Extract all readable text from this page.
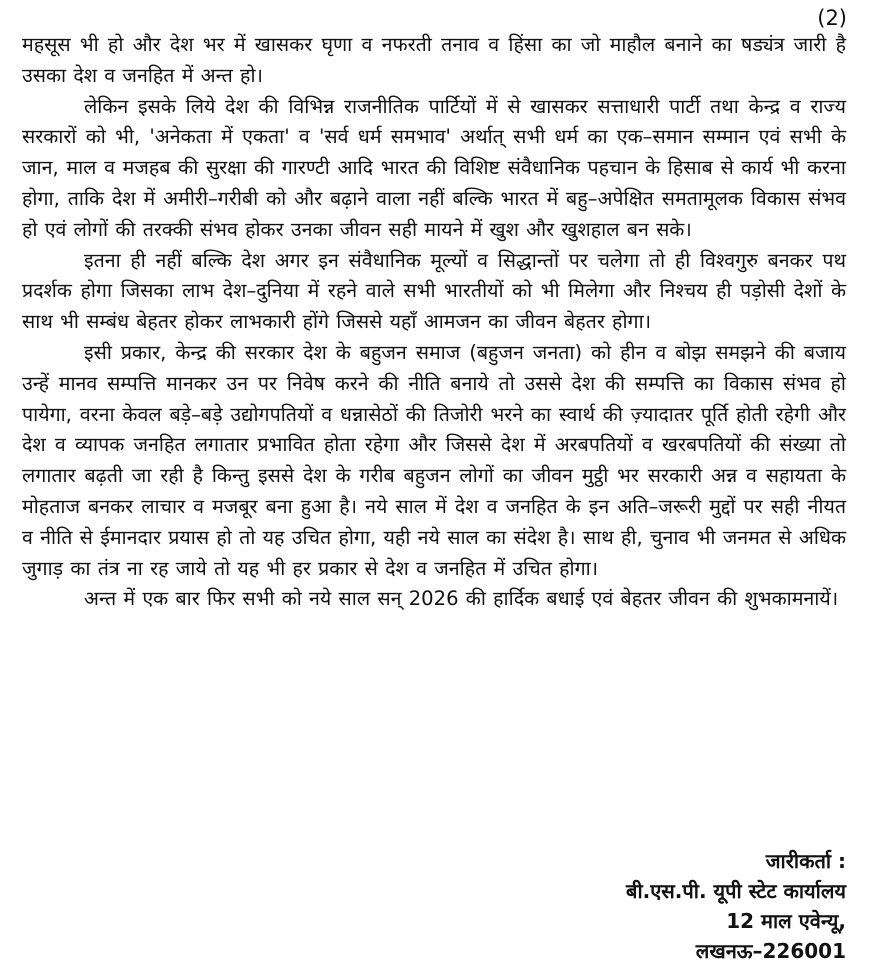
(2)

महसूस भी हो और देश भर में खासकर घृणा व नफरती तनाव व हिंसा का जो माहौल बनाने का षड्यंत्र जारी है उसका देश व जनहित में अन्त हो।

लेकिन इसके लिये देश की विभिन्न राजनीतिक पार्टियों में से खासकर सत्ताधारी पार्टी तथा केन्द्र व राज्य सरकारों को भी, 'अनेकता में एकता' व 'सर्व धर्म समभाव' अर्थात् सभी धर्म का एक–समान सम्मान एवं सभी के जान, माल व मजहब की सुरक्षा की गारण्टी आदि भारत की विशिष्ट संवैधानिक पहचान के हिसाब से कार्य भी करना होगा, ताकि देश में अमीरी–गरीबी को और बढ़ाने वाला नहीं बल्कि भारत में बहु–अपेक्षित समतामूलक विकास संभव हो एवं लोगों की तरक्की संभव होकर उनका जीवन सही मायने में खुश और खुशहाल बन सके।

इतना ही नहीं बल्कि देश अगर इन संवैधानिक मूल्यों व सिद्धान्तों पर चलेगा तो ही विश्वगुरु बनकर पथ प्रदर्शक होगा जिसका लाभ देश–दुनिया में रहने वाले सभी भारतीयों को भी मिलेगा और निश्चय ही पड़ोसी देशों के साथ भी सम्बंध बेहतर होकर लाभकारी होंगे जिससे यहाँ आमजन का जीवन बेहतर होगा।

इसी प्रकार, केन्द्र की सरकार देश के बहुजन समाज (बहुजन जनता) को हीन व बोझ समझने की बजाय उन्हें मानव सम्पत्ति मानकर उन पर निवेष करने की नीति बनाये तो उससे देश की सम्पत्ति का विकास संभव हो पायेगा, वरना केवल बड़े–बड़े उद्योगपतियों व धन्नासेठों की तिजोरी भरने का स्वार्थ की ज़्यादातर पूर्ति होती रहेगी और देश व व्यापक जनहित लगातार प्रभावित होता रहेगा और जिससे देश में अरबपतियों व खरबपतियों की संख्या तो लगातार बढ़ती जा रही है किन्तु इससे देश के गरीब बहुजन लोगों का जीवन मुट्ठी भर सरकारी अन्न व सहायता के मोहताज बनकर लाचार व मजबूर बना हुआ है। नये साल में देश व जनहित के इन अति–जरूरी मुद्दों पर सही नीयत व नीति से ईमानदार प्रयास हो तो यह उचित होगा, यही नये साल का संदेश है। साथ ही, चुनाव भी जनमत से अधिक जुगाड़ का तंत्र ना रह जाये तो यह भी हर प्रकार से देश व जनहित में उचित होगा।

अन्त में एक बार फिर सभी को नये साल सन् 2026 की हार्दिक बधाई एवं बेहतर जीवन की शुभकामनायें।

जारीकर्ता :
बी.एस.पी. यूपी स्टेट कार्यालय
12 माल एवेन्यू,
लखनऊ–226001
